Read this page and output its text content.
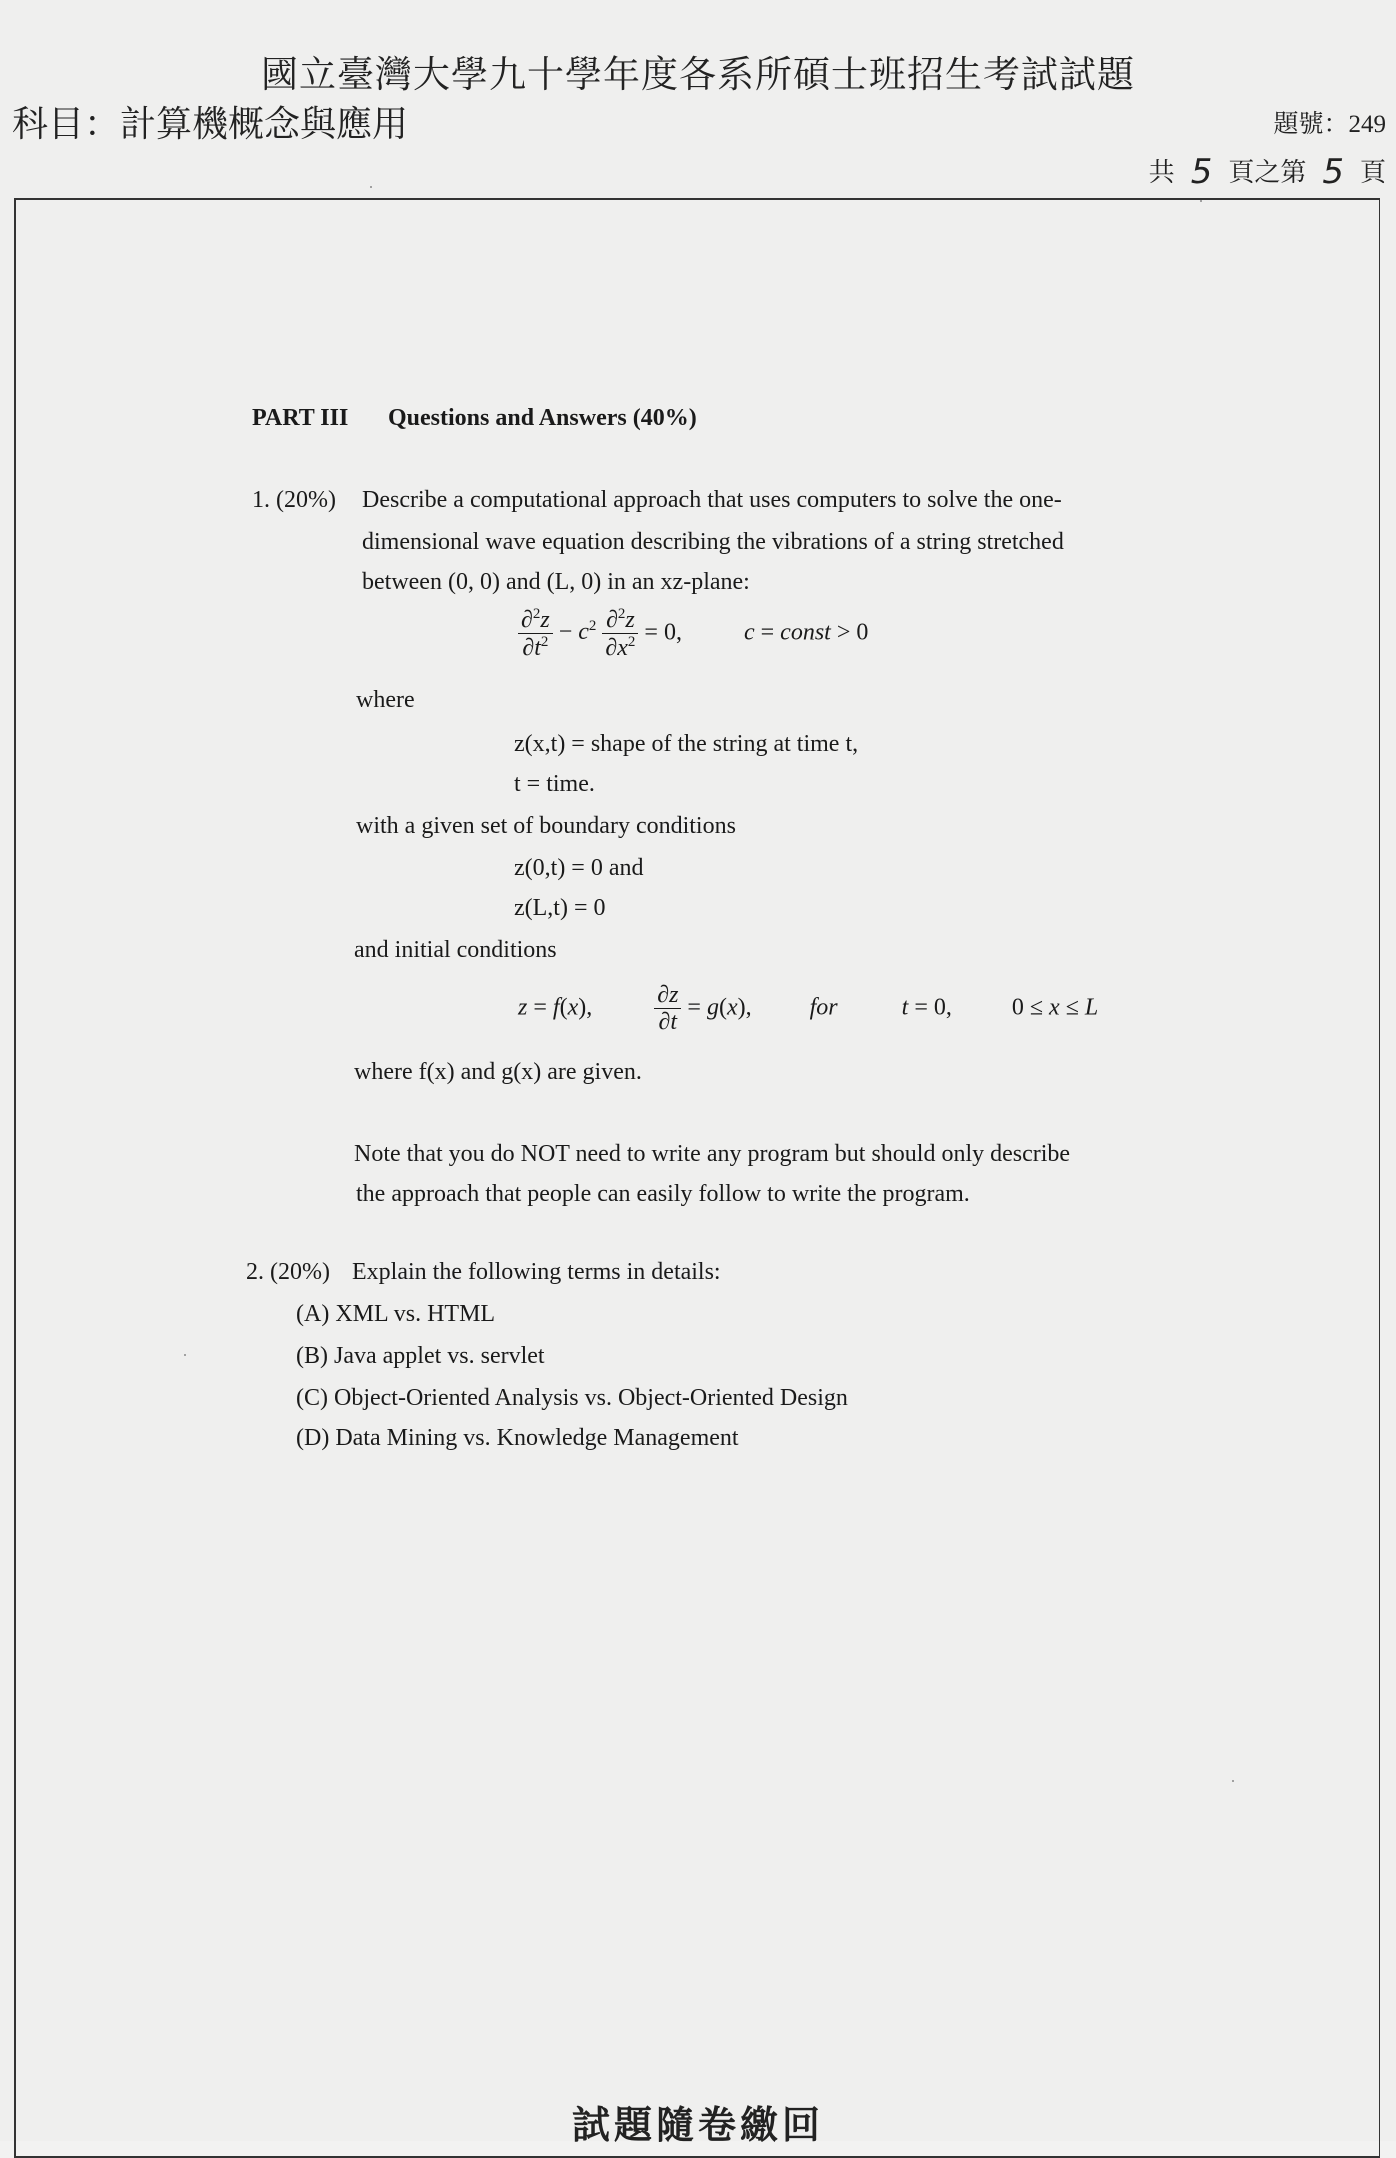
國立臺灣大學九十學年度各系所碩士班招生考試試題
科目：計算機概念與應用	題號：249
共 5 頁之第 5 頁
PART III Questions and Answers (40%)
1. (20%) Describe a computational approach that uses computers to solve the one-
dimensional wave equation describing the vibrations of a string stretched
between (0, 0) and (L, 0) in an xz-plane:
$\frac{\partial^2z}{\partial t^2} - c^2 \frac{\partial^2z}{\partial x^2} = 0$,	c = const > 0
where
z(x,t) = shape of the string at time t,
t = time.
with a given set of boundary conditions
z(0,t) = 0 and
z(L,t) = 0
and initial conditions
z = f(x), $\frac{\partial z}{\partial t} = g(x)$,  for	t = 0,  0 ≤ x ≤ L
where f(x) and g(x) are given.
Note that you do NOT need to write any program but should only describe
the approach that people can easily follow to write the program.
2. (20%) Explain the following terms in details:
(A) XML vs. HTML
(B) Java applet vs. servlet
(C) Object-Oriented Analysis vs. Object-Oriented Design
(D) Data Mining vs. Knowledge Management
試題隨卷繳回
